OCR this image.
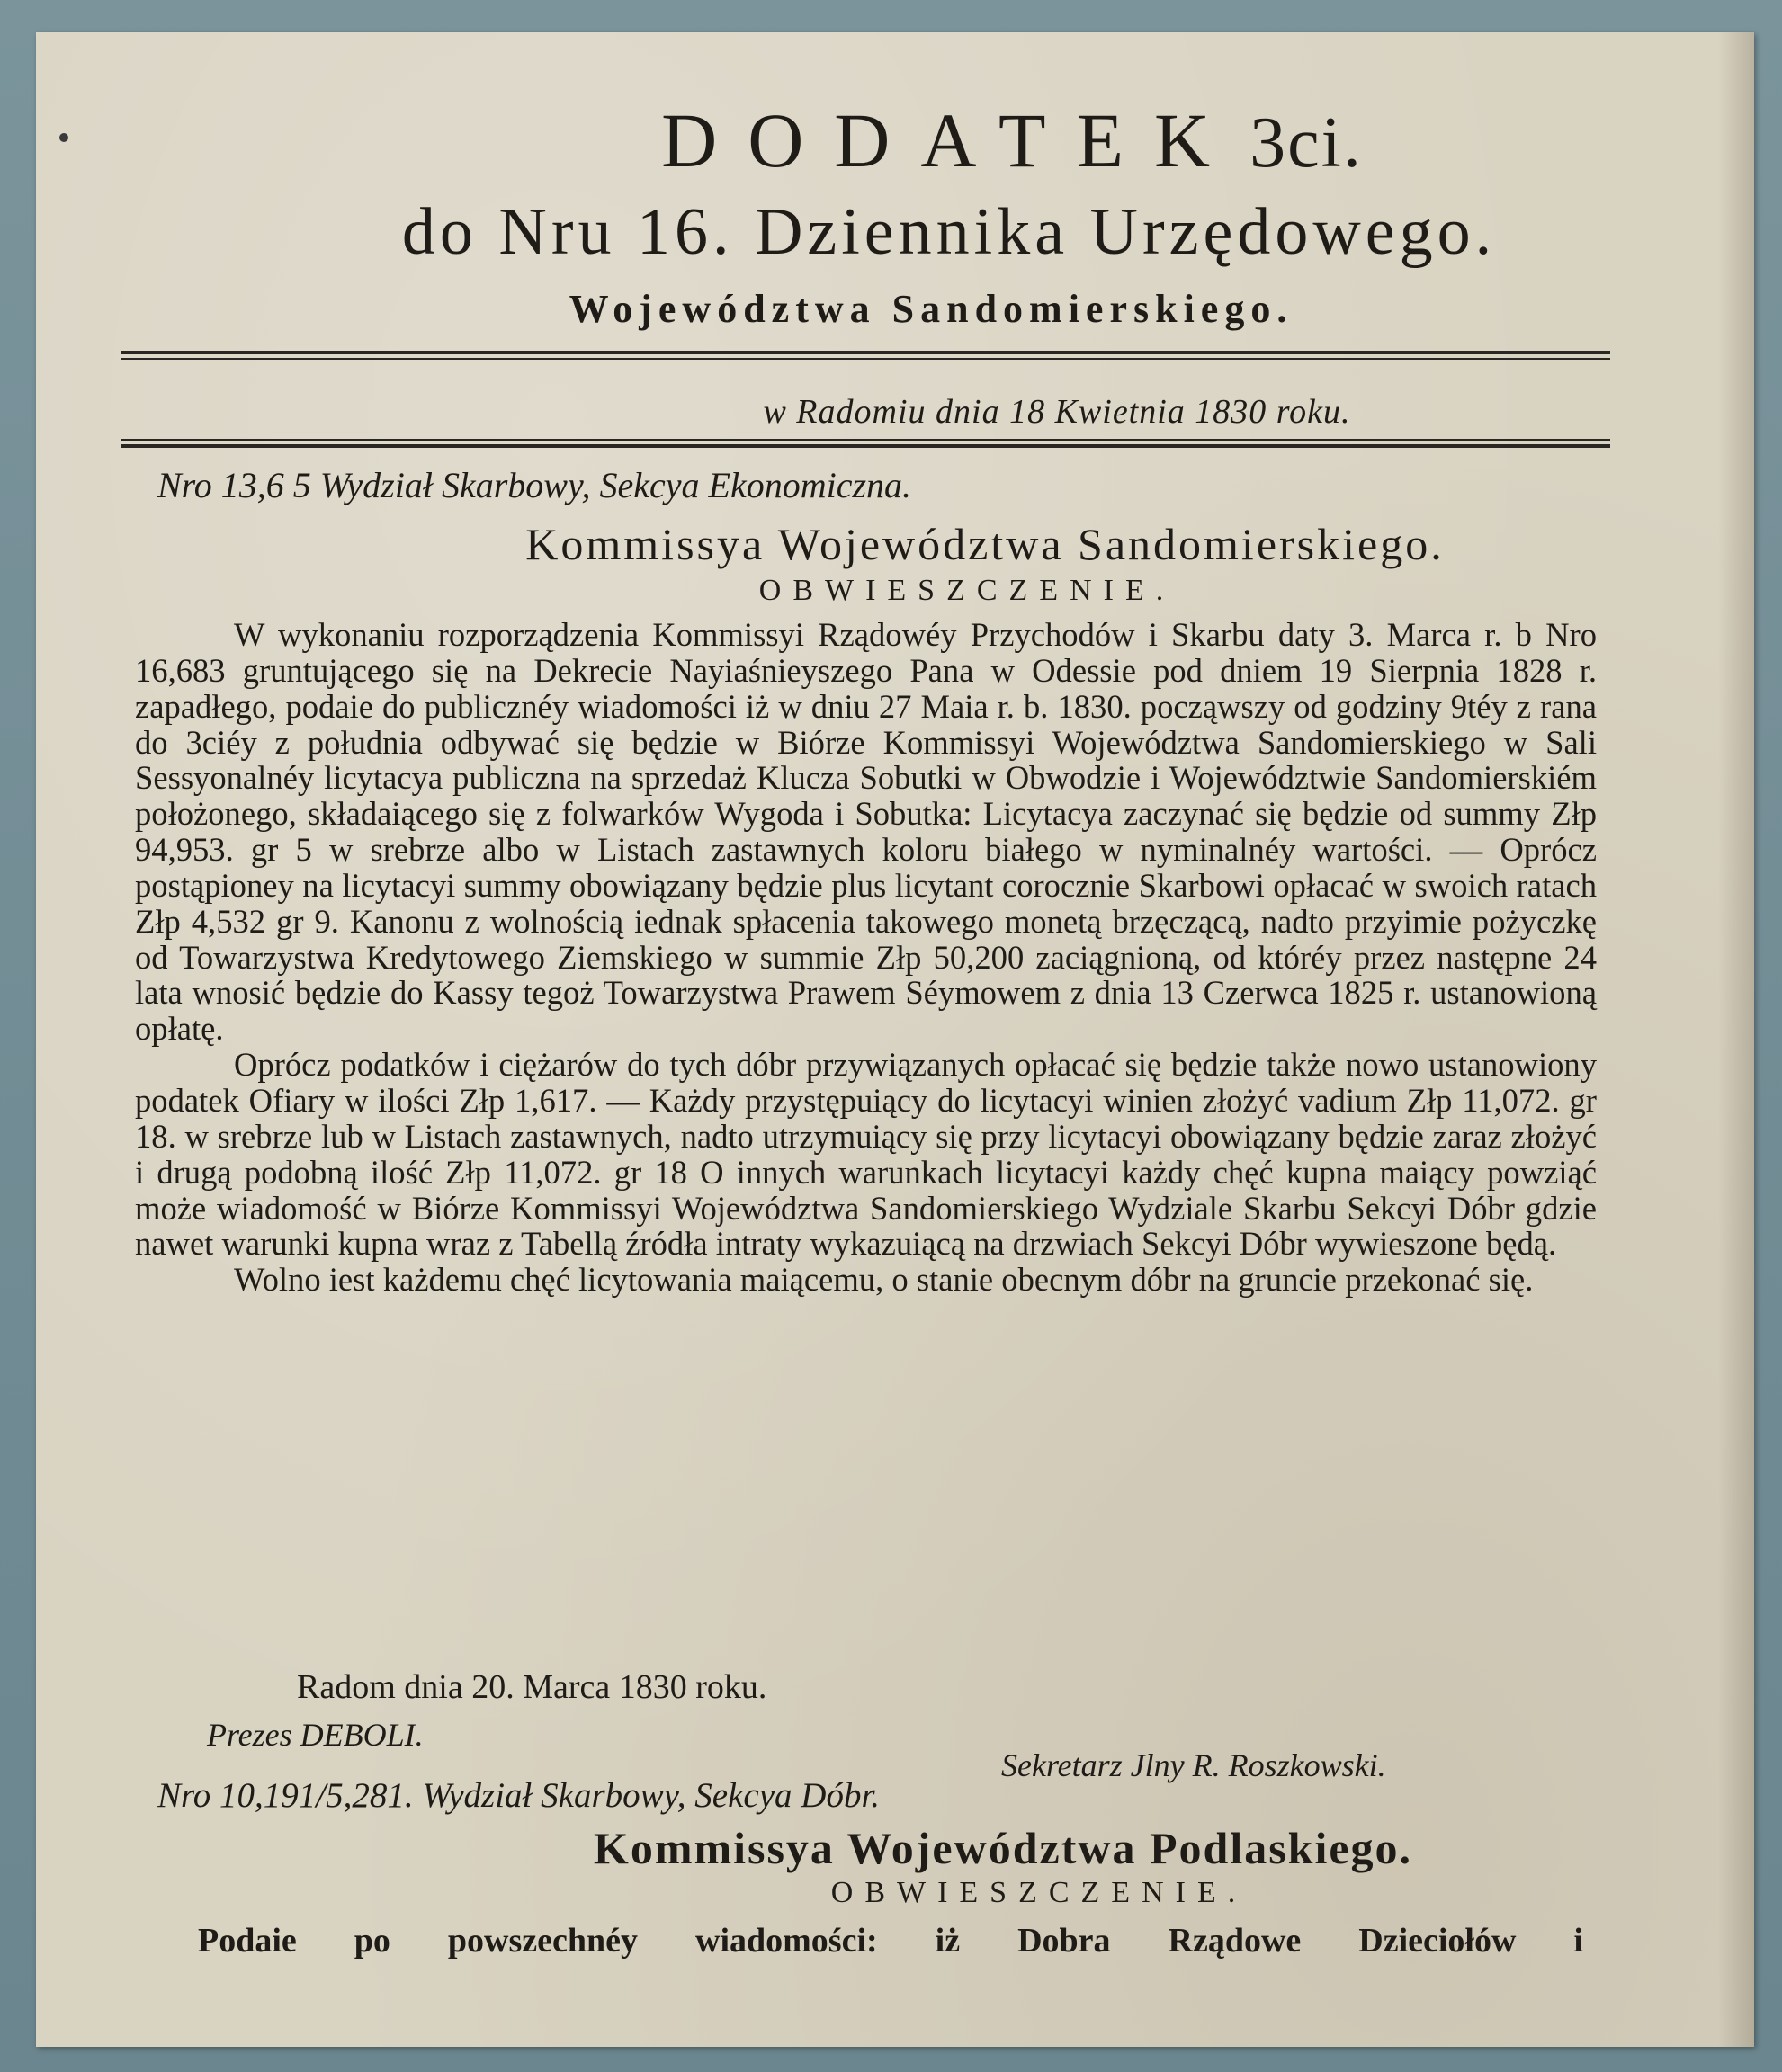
DODATEK 3ci.
do Nru 16. Dziennika Urzędowego.
Województwa Sandomierskiego.
w Radomiu dnia 18 Kwietnia 1830 roku.
Nro 13,6 5 Wydział Skarbowy, Sekcya Ekonomiczna.
Kommissya Województwa Sandomierskiego.
OBWIESZCZENIE.

W wykonaniu rozporządzenia Kommissyi Rządowéy Przychodów i Skarbu daty 3. Marca r. b Nro 16,683 gruntującego się na Dekrecie Nayiaśnieyszego Pana w Odessie pod dniem 19 Sierpnia 1828 r. zapadłego, podaie do publicznéy wiadomości iż w dniu 27 Maia r. b. 1830. począwszy od godziny 9téy z rana do 3ciéy z południa odbywać się będzie w Biórze Kommissyi Województwa Sandomierskiego w Sali Sessyonalnéy licytacya publiczna na sprzedaż Klucza Sobutki w Obwodzie i Województwie Sandomierskiém położonego, składaiącego się z folwarków Wygoda i Sobutka: Licytacya zaczynać się będzie od summy Złp 94,953. gr 5 w srebrze albo w Listach zastawnych koloru białego w nyminalnéy wartości. — Oprócz postąpioney na licytacyi summy obowiązany będzie plus licytant corocznie Skarbowi opłacać w swoich ratach Złp 4,532 gr 9. Kanonu z wolnością iednak spłacenia takowego monetą brzęczącą, nadto przyimie pożyczkę od Towarzystwa Kredytowego Ziemskiego w summie Złp 50,200 zaciągnioną, od któréy przez następne 24 lata wnosić będzie do Kassy tegoż Towarzystwa Prawem Séymowem z dnia 13 Czerwca 1825 r. ustanowioną opłatę.

Oprócz podatków i ciężarów do tych dóbr przywiązanych opłacać się będzie także nowo ustanowiony podatek Ofiary w ilości Złp 1,617. — Każdy przystępuiący do licytacyi winien złożyć vadium Złp 11,072. gr 18. w srebrze lub w Listach zastawnych, nadto utrzymuiący się przy licytacyi obowiązany będzie zaraz złożyć i drugą podobną ilość Złp 11,072. gr 18 O innych warunkach licytacyi każdy chęć kupna maiący powziąć może wiadomość w Biórze Kommissyi Województwa Sandomierskiego Wydziale Skarbu Sekcyi Dóbr gdzie nawet warunki kupna wraz z Tabellą źródła intraty wykazuiącą na drzwiach Sekcyi Dóbr wywieszone będą.

Wolno iest każdemu chęć licytowania maiącemu, o stanie obecnym dóbr na gruncie przekonać się.

Radom dnia 20. Marca 1830 roku.
Prezes DEBOLI.
Sekretarz Jlny R. Roszkowski.
Nro 10,191/5,281. Wydział Skarbowy, Sekcya Dóbr.
Kommissya Województwa Podlaskiego.
OBWIESZCZENIE.
Podaie po powszechnéy wiadomości: iż Dobra Rządowe Dzieciołów i
